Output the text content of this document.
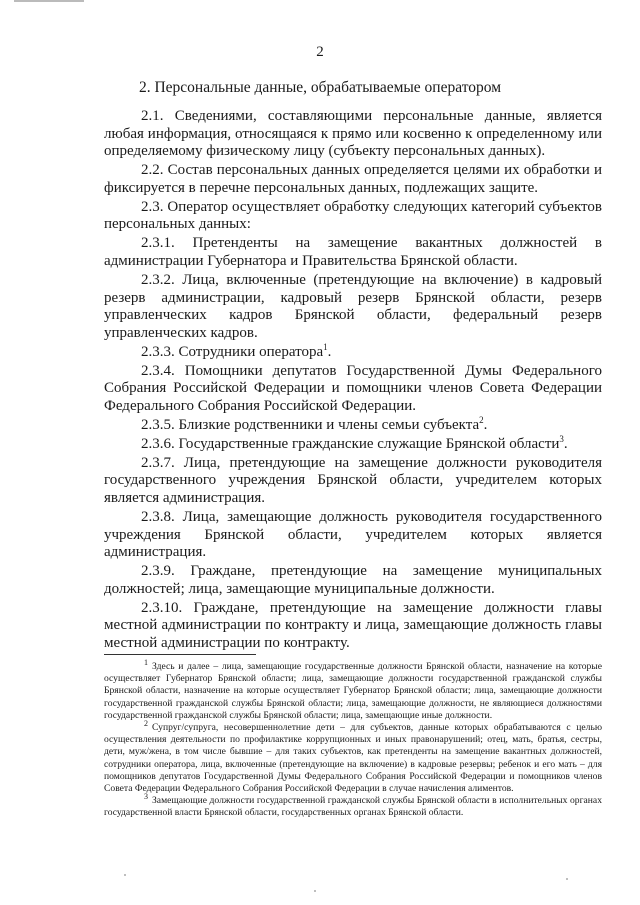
2
2. Персональные данные, обрабатываемые оператором

2.1. Сведениями, составляющими персональные данные, является любая информация, относящаяся к прямо или косвенно к определенному или определяемому физическому лицу (субъекту персональных данных).

2.2. Состав персональных данных определяется целями их обработки и фиксируется в перечне персональных данных, подлежащих защите.

2.3. Оператор осуществляет обработку следующих категорий субъектов персональных данных:

2.3.1. Претенденты на замещение вакантных должностей в администрации Губернатора и Правительства Брянской области.

2.3.2. Лица, включенные (претендующие на включение) в кадровый резерв администрации, кадровый резерв Брянской области, резерв управленческих кадров Брянской области, федеральный резерв управленческих кадров.

2.3.3. Сотрудники оператора$^1$.

2.3.4. Помощники депутатов Государственной Думы Федерального Собрания Российской Федерации и помощники членов Совета Федерации Федерального Собрания Российской Федерации.

2.3.5. Близкие родственники и члены семьи субъекта$^2$.

2.3.6. Государственные гражданские служащие Брянской области$^3$.

2.3.7. Лица, претендующие на замещение должности руководителя государственного учреждения Брянской области, учредителем которых является администрация.

2.3.8. Лица, замещающие должность руководителя государственного учреждения Брянской области, учредителем которых является администрация.

2.3.9. Граждане, претендующие на замещение муниципальных должностей; лица, замещающие муниципальные должности.

2.3.10. Граждане, претендующие на замещение должности главы местной администрации по контракту и лица, замещающие должность главы местной администрации по контракту.

$^1$ Здесь и далее – лица, замещающие государственные должности Брянской области, назначение на которые осуществляет Губернатор Брянской области; лица, замещающие должности государственной гражданской службы Брянской области, назначение на которые осуществляет Губернатор Брянской области; лица, замещающие должности государственной гражданской службы Брянской области; лица, замещающие должности, не являющиеся должностями государственной гражданской службы Брянской области; лица, замещающие иные должности.

$^2$ Супруг/супруга, несовершеннолетние дети – для субъектов, данные которых обрабатываются с целью осуществления деятельности по профилактике коррупционных и иных правонарушений; отец, мать, братья, сестры, дети, муж/жена, в том числе бывшие – для таких субъектов, как претенденты на замещение вакантных должностей, сотрудники оператора, лица, включенные (претендующие на включение) в кадровые резервы; ребенок и его мать – для помощников депутатов Государственной Думы Федерального Собрания Российской Федерации и помощников членов Совета Федерации Федерального Собрания Российской Федерации в случае начисления алиментов.

$^3$ Замещающие должности государственной гражданской службы Брянской области в исполнительных органах государственной власти Брянской области, государственных органах Брянской области.
